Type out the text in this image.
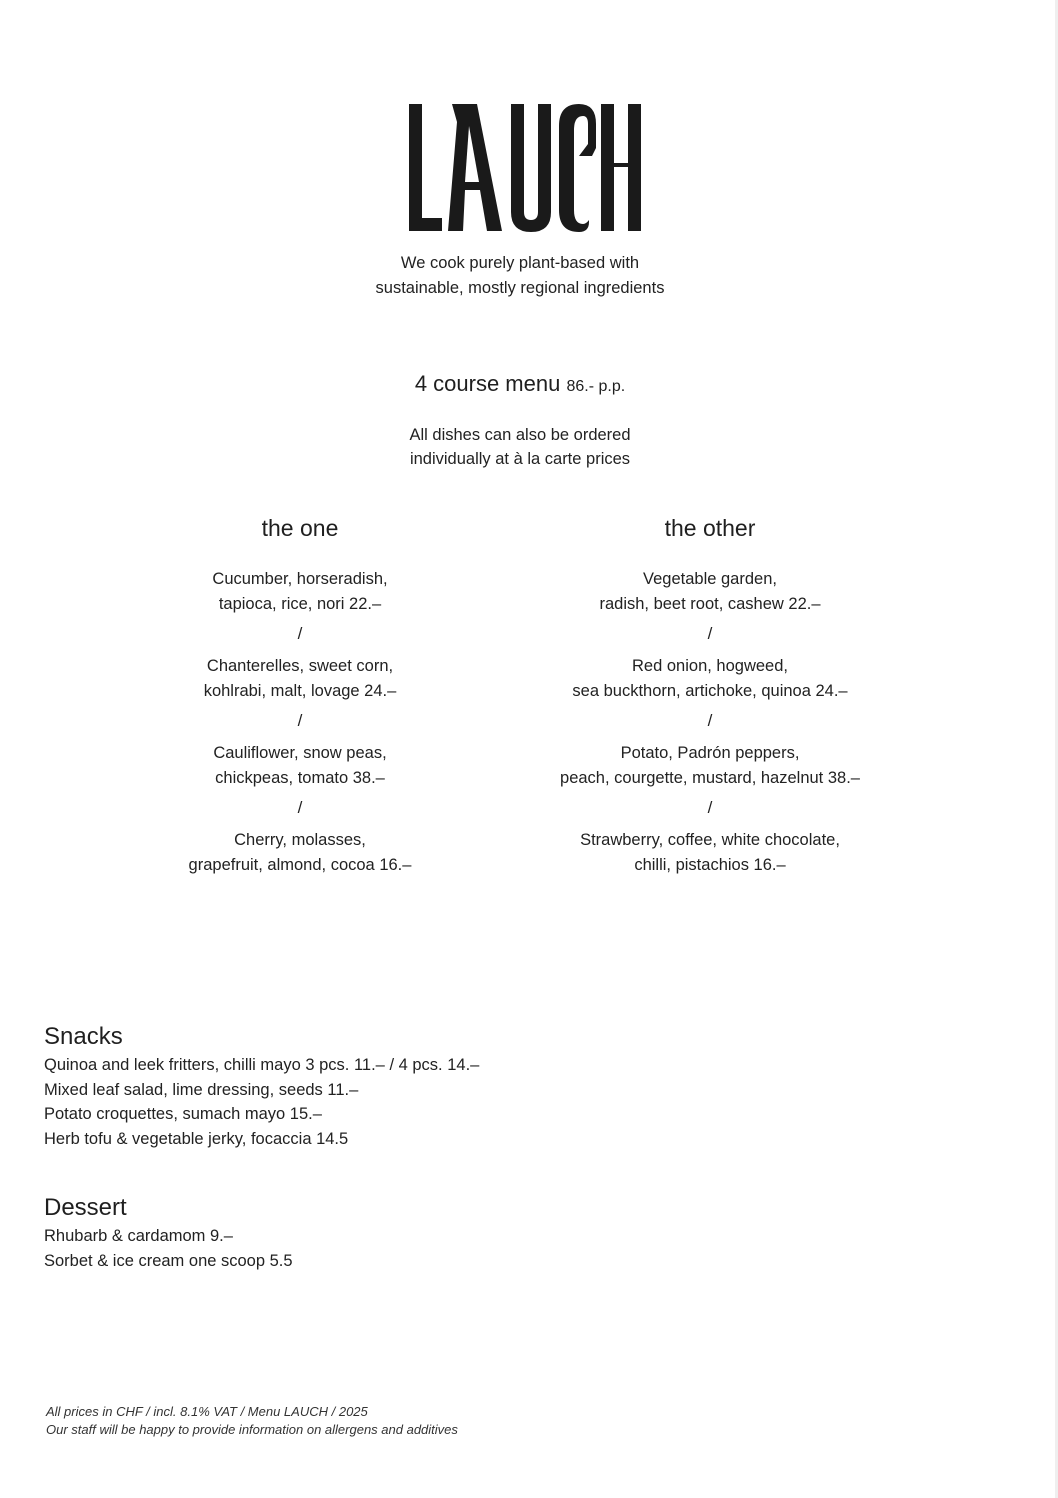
We cook purely plant-based with
sustainable, mostly regional ingredients
4 course menu 86.- p.p.
All dishes can also be ordered
individually at à la carte prices
the one
Cucumber, horseradish,
tapioca, rice, nori 22.–
/
Chanterelles, sweet corn,
kohlrabi, malt, lovage 24.–
/
Cauliflower, snow peas,
chickpeas, tomato 38.–
/
Cherry, molasses,
grapefruit, almond, cocoa 16.–
the other
Vegetable garden,
radish, beet root, cashew 22.–
/
Red onion, hogweed,
sea buckthorn, artichoke, quinoa 24.–
/
Potato, Padrón peppers,
peach, courgette, mustard, hazelnut 38.–
/
Strawberry, coffee, white chocolate,
chilli, pistachios 16.–
Snacks
Quinoa and leek fritters, chilli mayo 3 pcs. 11.– / 4 pcs. 14.–
Mixed leaf salad, lime dressing, seeds 11.–
Potato croquettes, sumach mayo 15.–
Herb tofu & vegetable jerky, focaccia 14.5
Dessert
Rhubarb & cardamom 9.–
Sorbet & ice cream one scoop 5.5
All prices in CHF / incl. 8.1% VAT / Menu LAUCH / 2025
Our staff will be happy to provide information on allergens and additives
